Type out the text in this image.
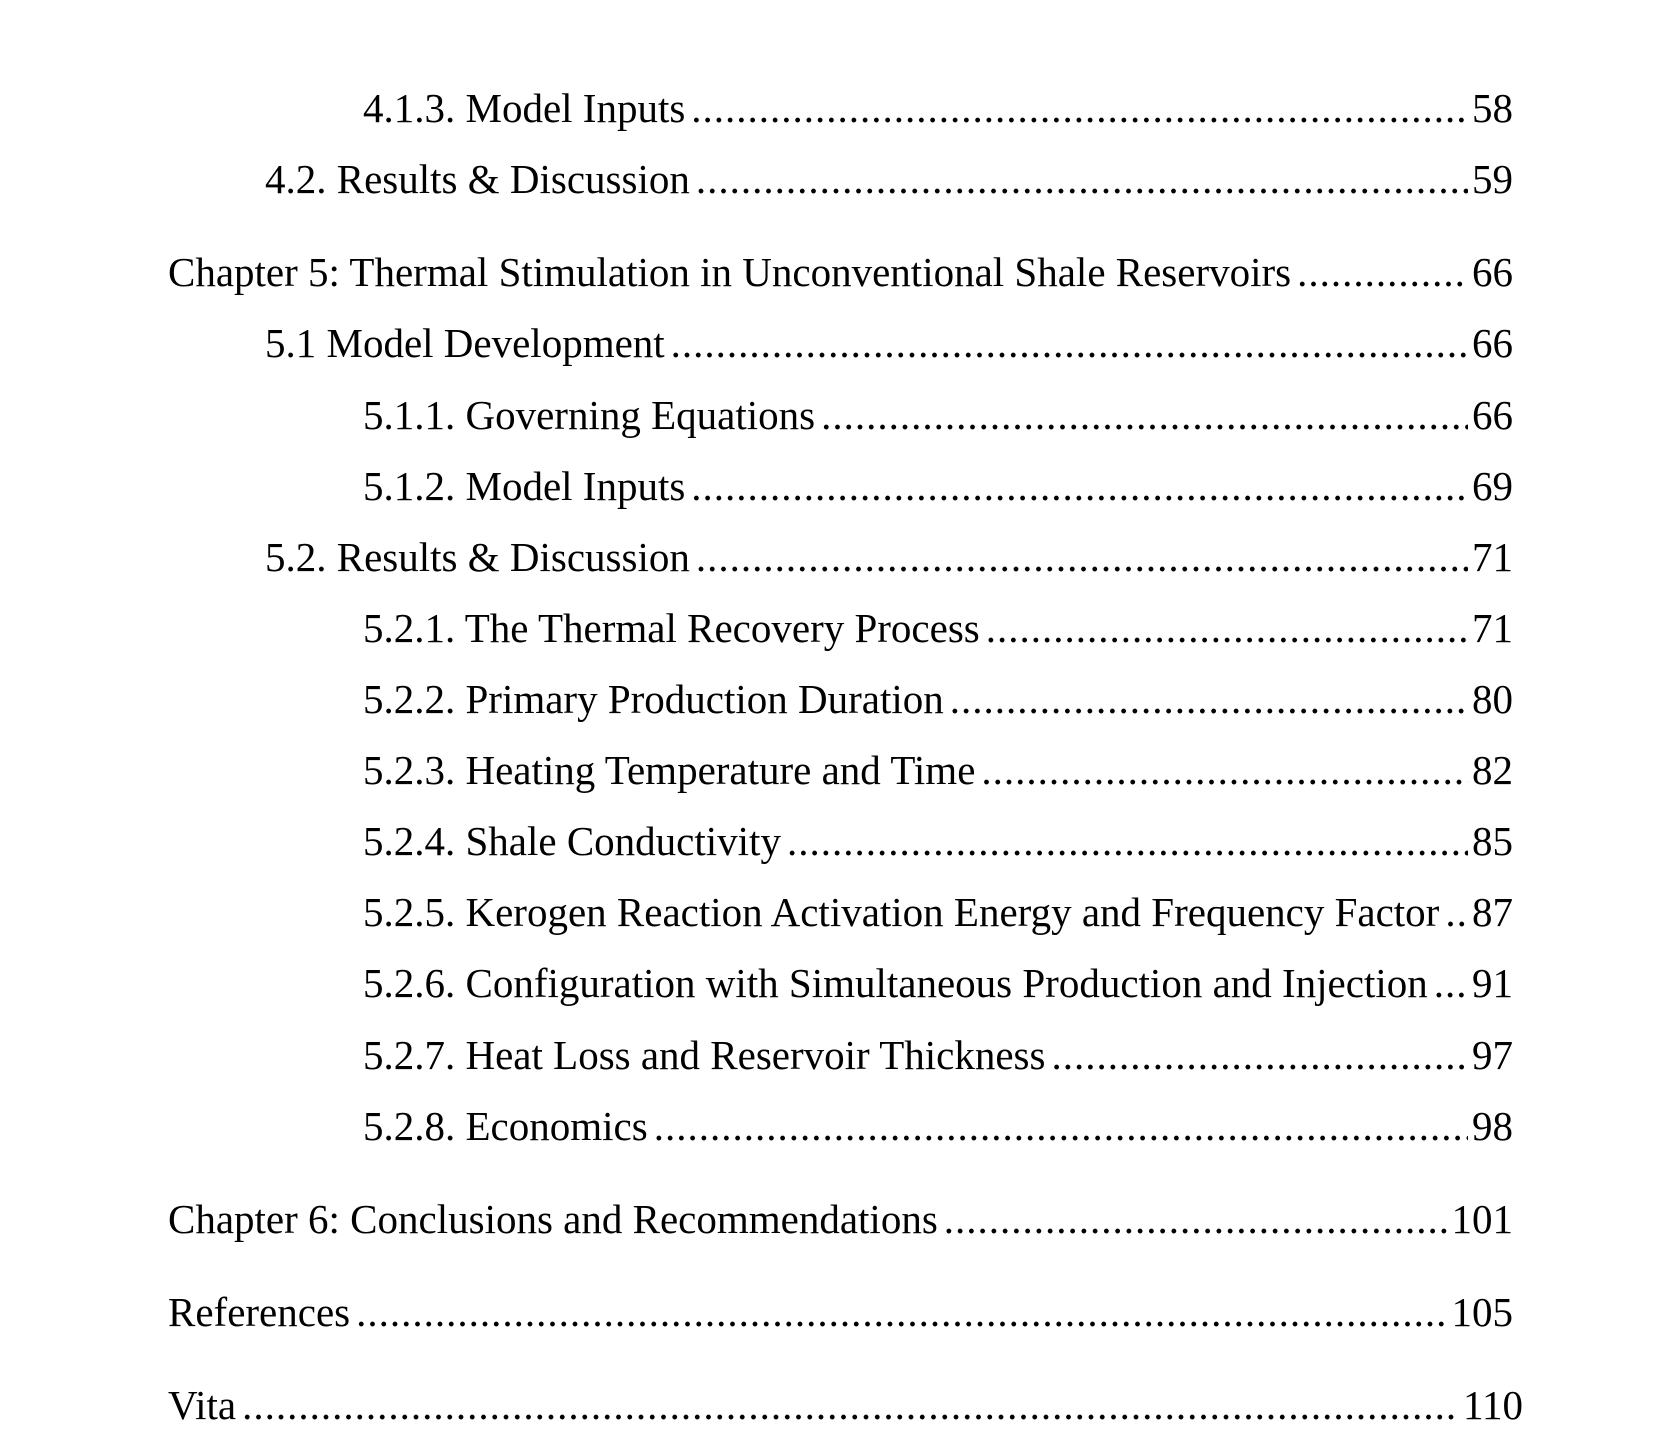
4.1.3. Model Inputs .....	58
4.2. Results & Discussion .....	59
Chapter 5: Thermal Stimulation in Unconventional Shale Reservoirs .....	66
5.1 Model Development .....	66
5.1.1. Governing Equations .....	66
5.1.2. Model Inputs .....	69
5.2. Results & Discussion .....	71
5.2.1. The Thermal Recovery Process .....	71
5.2.2. Primary Production Duration .....	80
5.2.3. Heating Temperature and Time .....	82
5.2.4. Shale Conductivity .....	85
5.2.5. Kerogen Reaction Activation Energy and Frequency Factor ..... 87
5.2.6. Configuration with Simultaneous Production and Injection ..... 91
5.2.7. Heat Loss and Reservoir Thickness .....	97
5.2.8. Economics .....	98
Chapter 6: Conclusions and Recommendations .....	101
References .....	105
Vita .....	110
